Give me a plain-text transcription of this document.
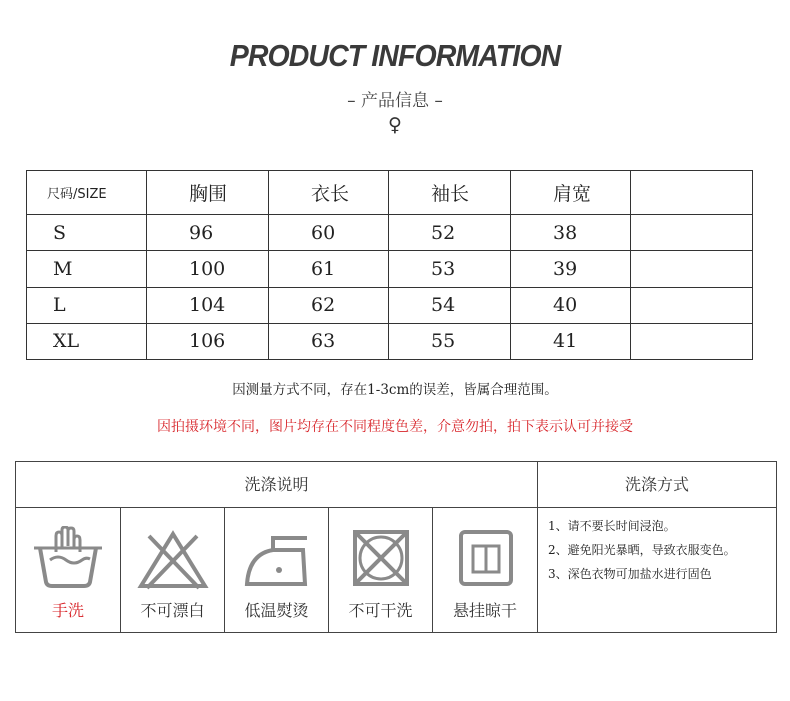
PRODUCT INFORMATION
– 产品信息 –
♀
尺码/SIZE	胸围	衣长	袖长	肩宽	
S	96	60	52	38	
M	100	61	53	39	
L	104	62	54	40	
XL	106	63	55	41	
因测量方式不同，存在1-3cm的误差，皆属合理范围。
因拍摄环境不同，图片均存在不同程度色差，介意勿拍，拍下表示认可并接受
洗涤说明	洗涤方式
手洗	不可漂白	低温熨烫	不可干洗	悬挂晾干
1、请不要长时间浸泡。
2、避免阳光暴晒，导致衣服变色。
3、深色衣物可加盐水进行固色
